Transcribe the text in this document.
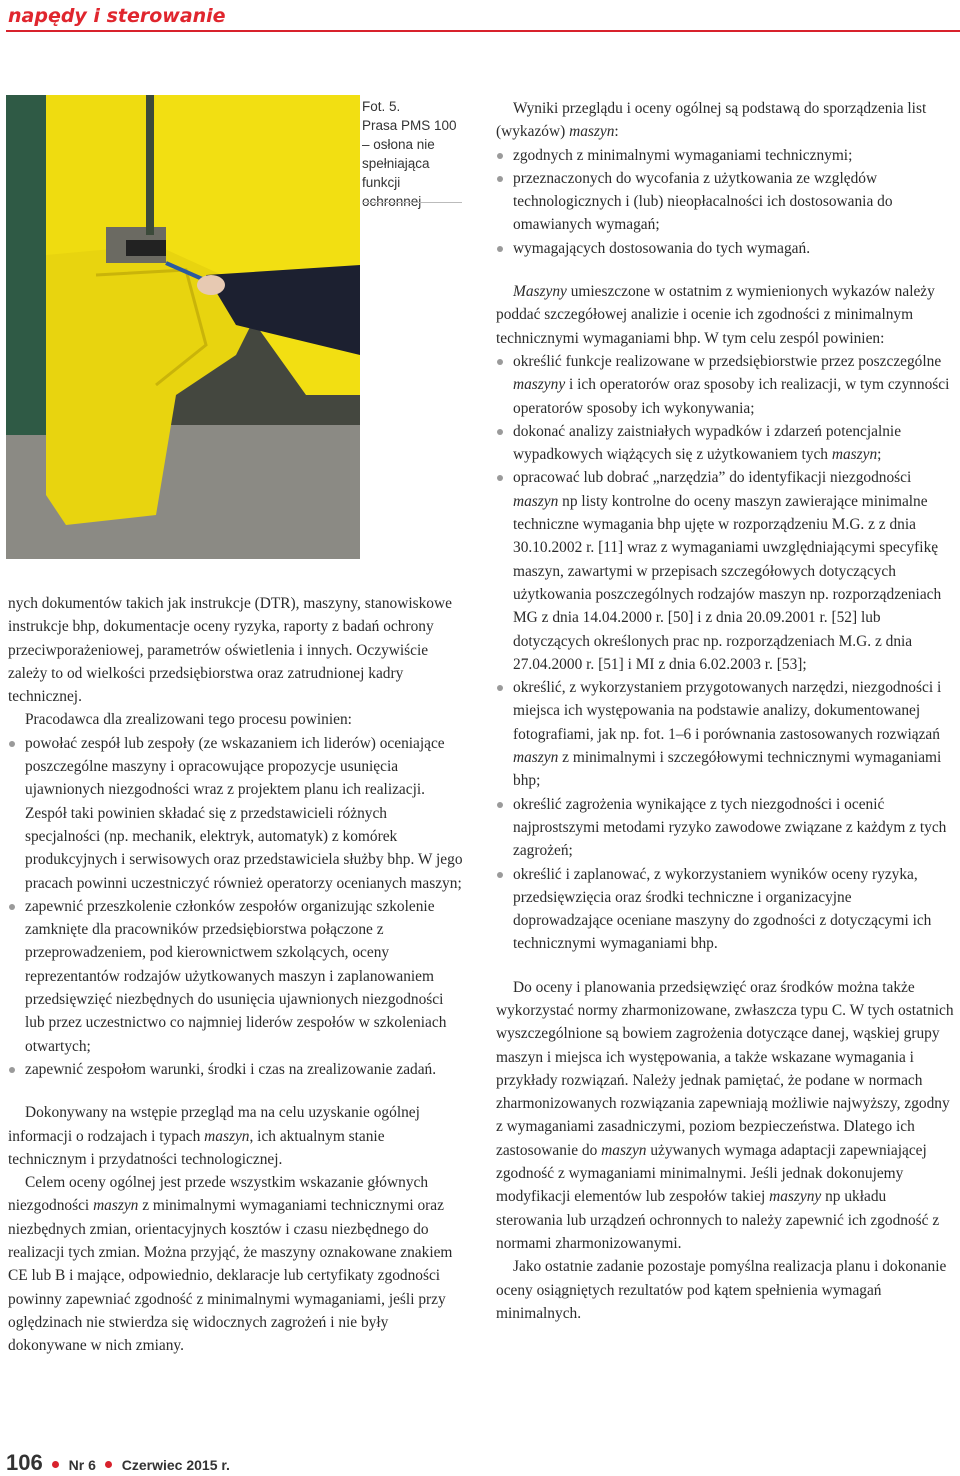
napędy i sterowanie
Fot. 5.
Prasa PMS 100 – osłona nie spełniająca funkcji ochronnej

nych dokumentów takich jak instrukcje (DTR), maszyny, stanowiskowe instrukcje bhp, dokumentacje oceny ryzyka, raporty z badań ochrony przeciwporażeniowej, parametrów oświetlenia i innych. Oczywiście zależy to od wielkości przedsiębiorstwa oraz zatrudnionej kadry technicznej.

Pracodawca dla zrealizowani tego procesu powinien:

powołać zespół lub zespoły (ze wskazaniem ich liderów) oceniające poszczególne maszyny i opracowujące propozycje usunięcia ujawnionych niezgodności wraz z projektem planu ich realizacji. Zespół taki powinien składać się z przedstawicieli różnych specjalności (np. mechanik, elektryk, automatyk) z komórek produkcyjnych i serwisowych oraz przedstawiciela służby bhp. W jego pracach powinni uczestniczyć również operatorzy ocenianych maszyn;
zapewnić przeszkolenie członków zespołów organizując szkolenie zamknięte dla pracowników przedsiębiorstwa połączone z przeprowadzeniem, pod kierownictwem szkolących, oceny reprezentantów rodzajów użytkowanych maszyn i zaplanowaniem przedsięwzięć niezbędnych do usunięcia ujawnionych niezgodności lub przez uczestnictwo co najmniej liderów zespołów w szkoleniach otwartych;
zapewnić zespołom warunki, środki i czas na zrealizowanie zadań.

Dokonywany na wstępie przegląd ma na celu uzyskanie ogólnej informacji o rodzajach i typach maszyn, ich aktualnym stanie technicznym i przydatności technologicznej.

Celem oceny ogólnej jest przede wszystkim wskazanie głównych niezgodności maszyn z minimalnymi wymaganiami technicznymi oraz niezbędnych zmian, orientacyjnych kosztów i czasu niezbędnego do realizacji tych zmian. Można przyjąć, że maszyny oznakowane znakiem CE lub B i mające, odpowiednio, deklaracje lub certyfikaty zgodności powinny zapewniać zgodność z minimalnymi wymaganiami, jeśli przy oględzinach nie stwierdza się widocznych zagrożeń i nie były dokonywane w nich zmiany.

Wyniki przeglądu i oceny ogólnej są podstawą do sporządzenia list (wykazów) maszyn:

zgodnych z minimalnymi wymaganiami technicznymi;
przeznaczonych do wycofania z użytkowania ze względów technologicznych i (lub) nieopłacalności ich dostosowania do omawianych wymagań;
wymagających dostosowania do tych wymagań.

Maszyny umieszczone w ostatnim z wymienionych wykazów należy poddać szczegółowej analizie i ocenie ich zgodności z minimalnym technicznymi wymaganiami bhp. W tym celu zespól powinien:

określić funkcje realizowane w przedsiębiorstwie przez poszczególne maszyny i ich operatorów oraz sposoby ich realizacji, w tym czynności operatorów sposoby ich wykonywania;
dokonać analizy zaistniałych wypadków i zdarzeń potencjalnie wypadkowych wiążących się z użytkowaniem tych maszyn;
opracować lub dobrać „narzędzia” do identyfikacji niezgodności maszyn np listy kontrolne do oceny maszyn zawierające minimalne techniczne wymagania bhp ujęte w rozporządzeniu M.G. z z dnia 30.10.2002 r. [11] wraz z wymaganiami uwzględniającymi specyfikę maszyn, zawartymi w przepisach szczegółowych dotyczących użytkowania poszczególnych rodzajów maszyn np. rozporządzeniach MG z dnia 14.04.2000 r. [50] i z dnia 20.09.2001 r. [52] lub dotyczących określonych prac np. rozporządzeniach M.G. z dnia 27.04.2000 r. [51] i MI z dnia 6.02.2003 r. [53];
określić, z wykorzystaniem przygotowanych narzędzi, niezgodności i miejsca ich występowania na podstawie analizy, dokumentowanej fotografiami, jak np. fot. 1–6 i porównania zastosowanych rozwiązań maszyn z minimalnymi i szczegółowymi technicznymi wymaganiami bhp;
określić zagrożenia wynikające z tych niezgodności i ocenić najprostszymi metodami ryzyko zawodowe związane z każdym z tych zagrożeń;
określić i zaplanować, z wykorzystaniem wyników oceny ryzyka, przedsięwzięcia oraz środki techniczne i organizacyjne doprowadzające oceniane maszyny do zgodności z dotyczącymi ich technicznymi wymaganiami bhp.

Do oceny i planowania przedsięwzięć oraz środków można także wykorzystać normy zharmonizowane, zwłaszcza typu C. W tych ostatnich wyszczególnione są bowiem zagrożenia dotyczące danej, wąskiej grupy maszyn i miejsca ich występowania, a także wskazane wymagania i przykłady rozwiązań. Należy jednak pamiętać, że podane w normach zharmonizowanych rozwiązania zapewniają możliwie najwyższy, zgodny z wymaganiami zasadniczymi, poziom bezpieczeństwa. Dlatego ich zastosowanie do maszyn używanych wymaga adaptacji zapewniającej zgodność z wymaganiami minimalnymi. Jeśli jednak dokonujemy modyfikacji elementów lub zespołów takiej maszyny np układu sterowania lub urządzeń ochronnych to należy zapewnić ich zgodność z normami zharmonizowanymi.

Jako ostatnie zadanie pozostaje pomyślna realizacja planu i dokonanie oceny osiągniętych rezultatów pod kątem spełnienia wymagań minimalnych.

106 Nr 6 Czerwiec 2015 r.
